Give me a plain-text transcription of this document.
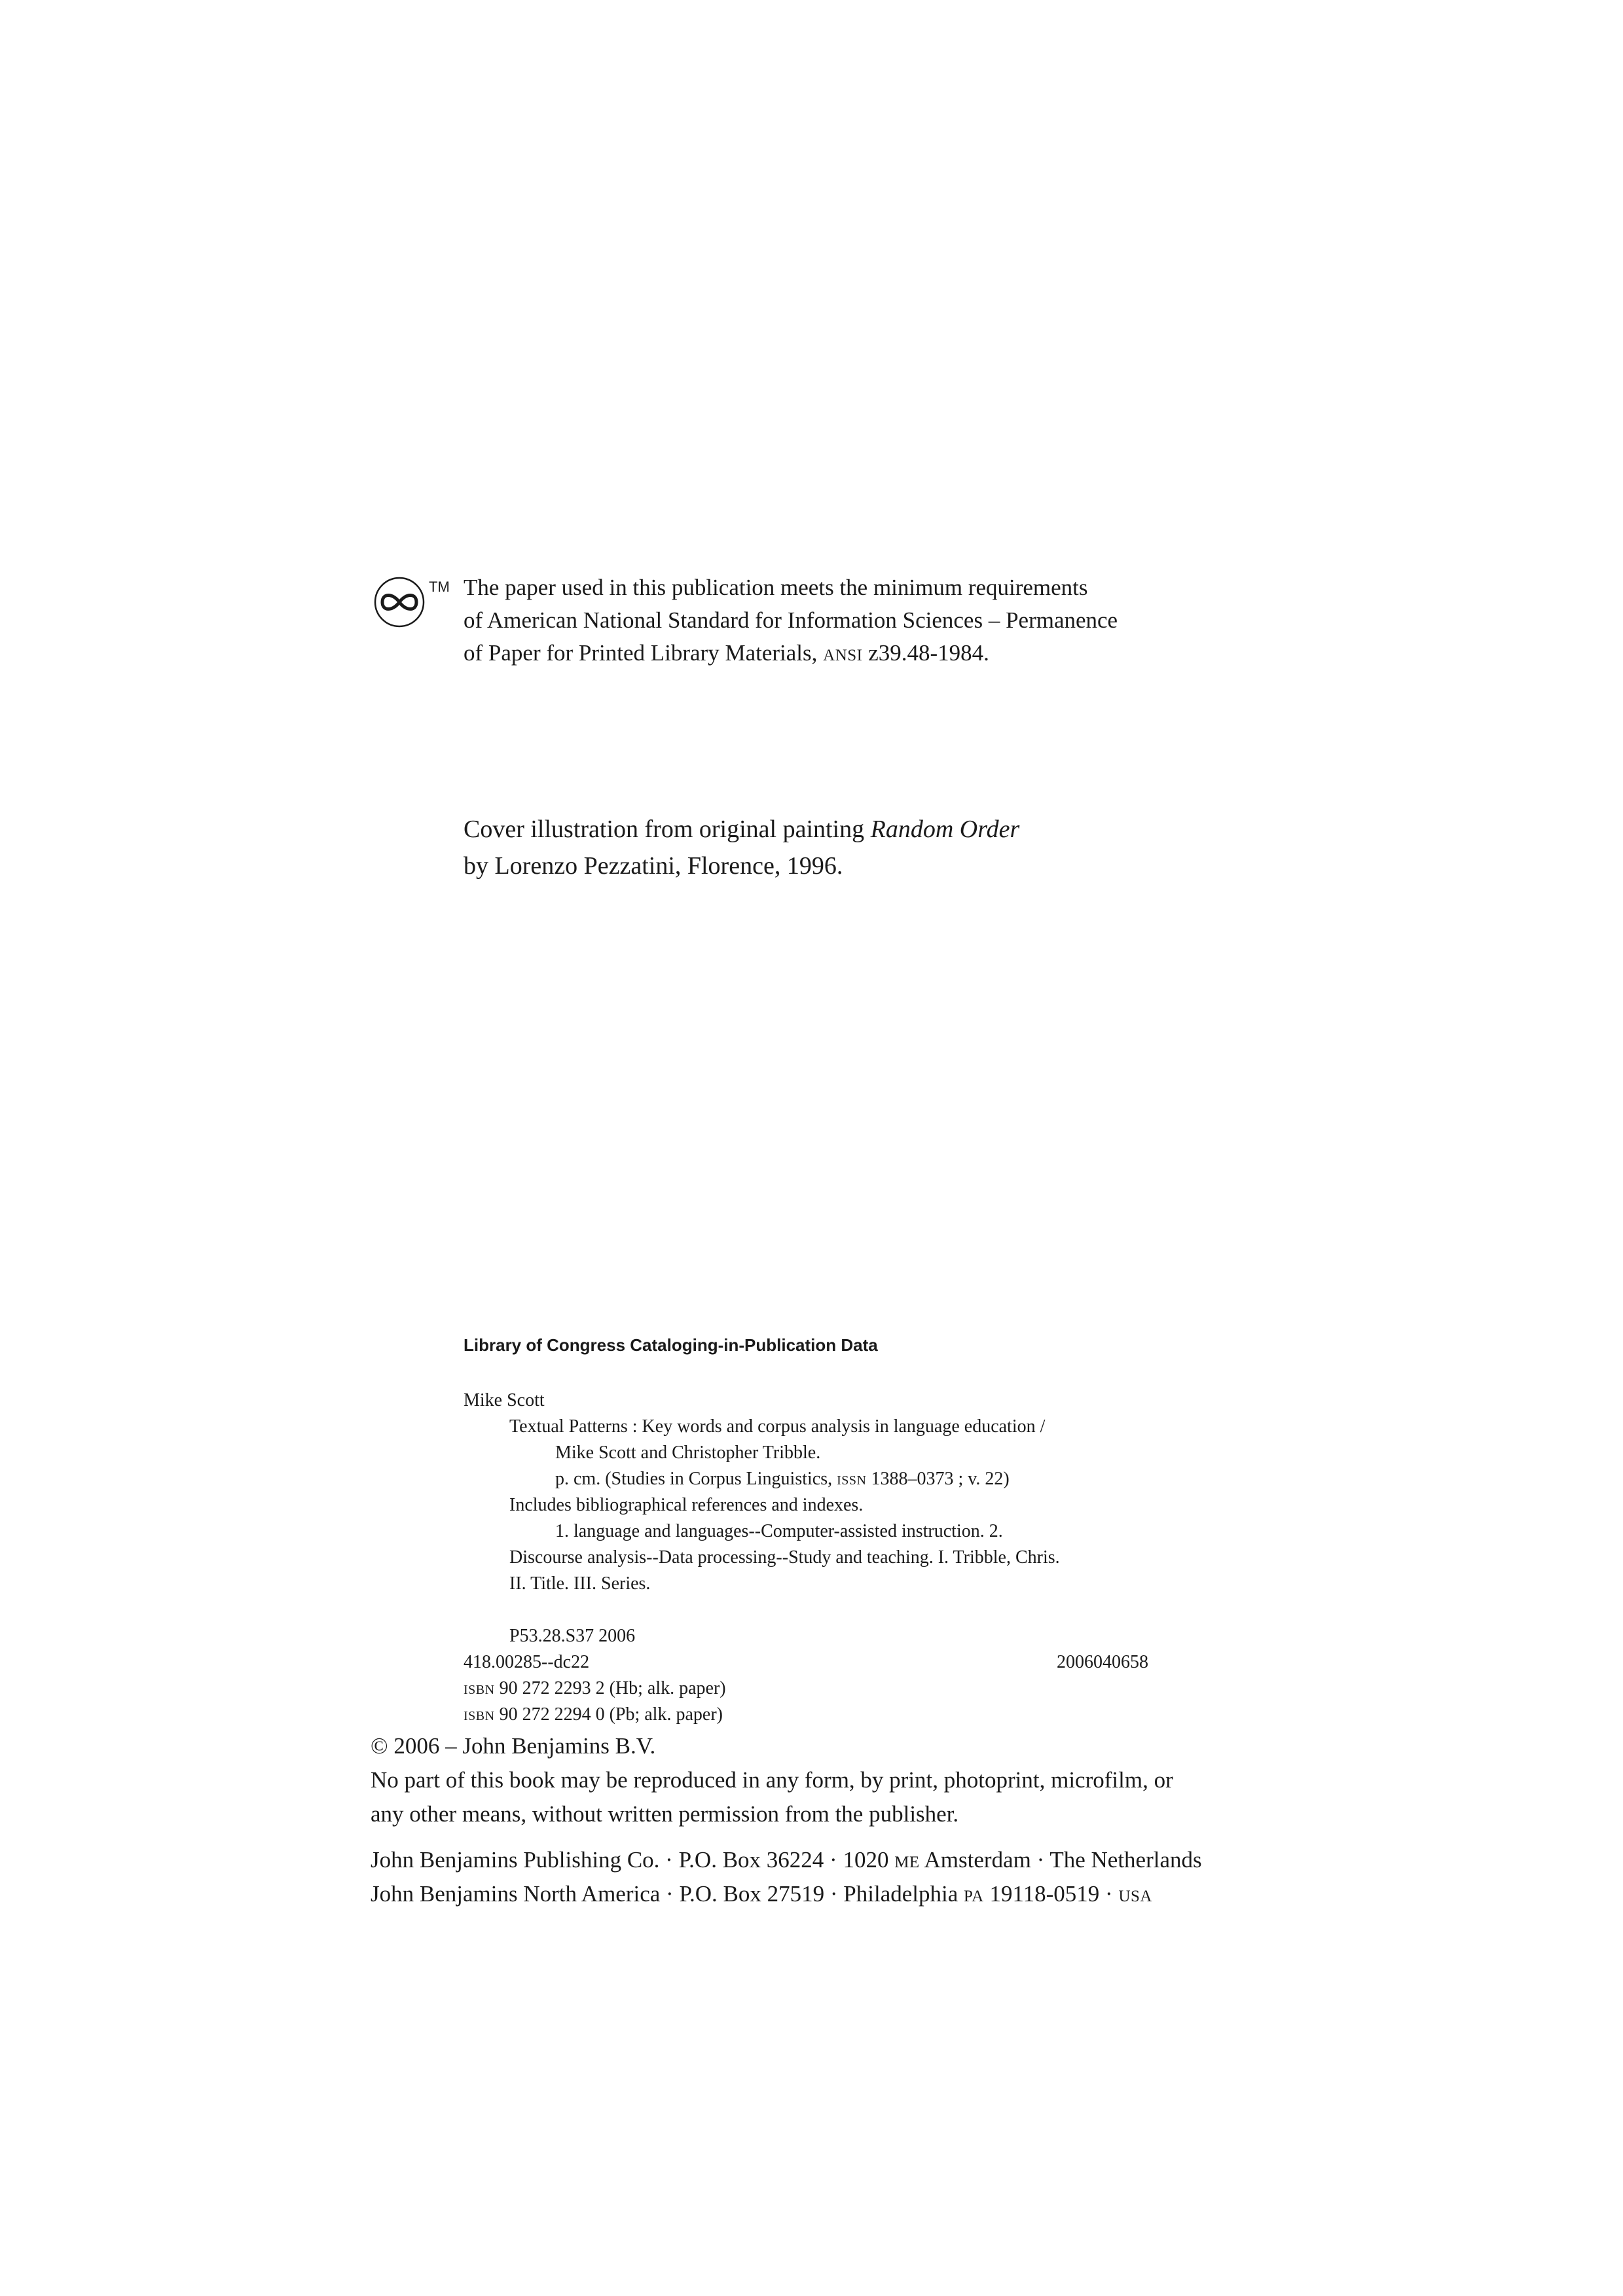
TM The paper used in this publication meets the minimum requirements
of American National Standard for Information Sciences – Permanence
of Paper for Printed Library Materials, ansi z39.48-1984.
Cover illustration from original painting Random Order
by Lorenzo Pezzatini, Florence, 1996.
Library of Congress Cataloging-in-Publication Data
Mike Scott
Textual Patterns : Key words and corpus analysis in language education /
Mike Scott and Christopher Tribble.
p. cm. (Studies in Corpus Linguistics, issn 1388–0373 ; v. 22)
Includes bibliographical references and indexes.
1. language and languages--Computer-assisted instruction. 2.
Discourse analysis--Data processing--Study and teaching. I. Tribble, Chris.
II. Title. III. Series.
P53.28.S37 2006
418.00285--dc22	2006040658
isbn 90 272 2293 2 (Hb; alk. paper)
isbn 90 272 2294 0 (Pb; alk. paper)
© 2006 – John Benjamins B.V.
No part of this book may be reproduced in any form, by print, photoprint, microfilm, or
any other means, without written permission from the publisher.
John Benjamins Publishing Co. · P.O. Box 36224 · 1020 me Amsterdam · The Netherlands
John Benjamins North America · P.O. Box 27519 · Philadelphia pa 19118-0519 · usa
